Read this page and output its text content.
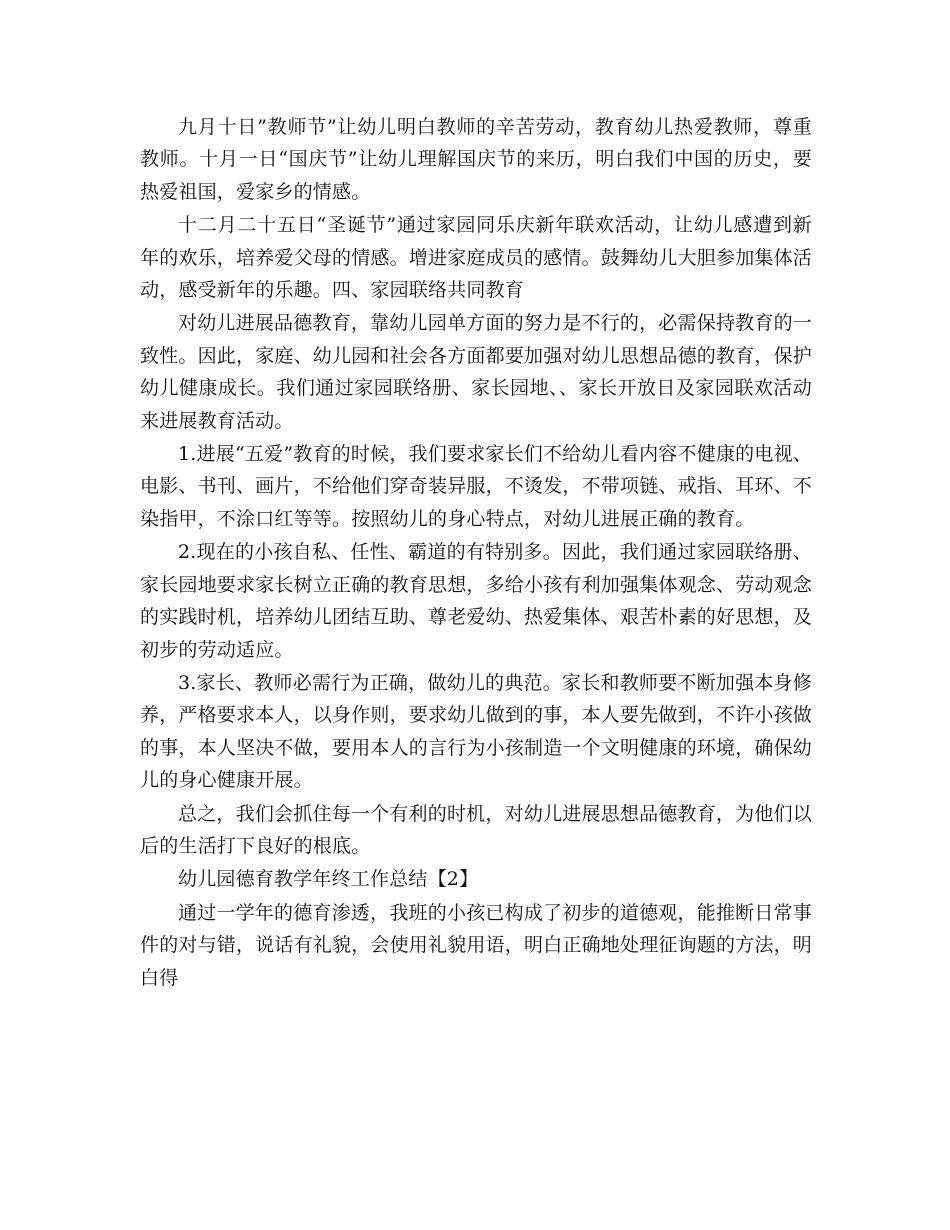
九月十日”教师节”让幼儿明白教师的辛苦劳动，教育幼儿热爱教师，尊重教师。十月一日“国庆节”让幼儿理解国庆节的来历，明白我们中国的历史，要热爱祖国，爱家乡的情感。

十二月二十五日“圣诞节”通过家园同乐庆新年联欢活动，让幼儿感遭到新年的欢乐，培养爱父母的情感。增进家庭成员的感情。鼓舞幼儿大胆参加集体活动，感受新年的乐趣。四、家园联络共同教育

对幼儿进展品德教育，靠幼儿园单方面的努力是不行的，必需保持教育的一致性。因此，家庭、幼儿园和社会各方面都要加强对幼儿思想品德的教育，保护幼儿健康成长。我们通过家园联络册、家长园地、、家长开放日及家园联欢活动来进展教育活动。

1.进展“五爱”教育的时候，我们要求家长们不给幼儿看内容不健康的电视、电影、书刊、画片，不给他们穿奇装异服，不烫发，不带项链、戒指、耳环、不染指甲，不涂口红等等。按照幼儿的身心特点，对幼儿进展正确的教育。

2.现在的小孩自私、任性、霸道的有特别多。因此，我们通过家园联络册、家长园地要求家长树立正确的教育思想，多给小孩有利加强集体观念、劳动观念的实践时机，培养幼儿团结互助、尊老爱幼、热爱集体、艰苦朴素的好思想，及初步的劳动适应。

3.家长、教师必需行为正确，做幼儿的典范。家长和教师要不断加强本身修养，严格要求本人，以身作则，要求幼儿做到的事，本人要先做到，不许小孩做的事，本人坚决不做，要用本人的言行为小孩制造一个文明健康的环境，确保幼儿的身心健康开展。

总之，我们会抓住每一个有利的时机，对幼儿进展思想品德教育，为他们以后的生活打下良好的根底。

幼儿园德育教学年终工作总结【2】

通过一学年的德育渗透，我班的小孩已构成了初步的道德观，能推断日常事件的对与错，说话有礼貌，会使用礼貌用语，明白正确地处理征询题的方法，明白得
